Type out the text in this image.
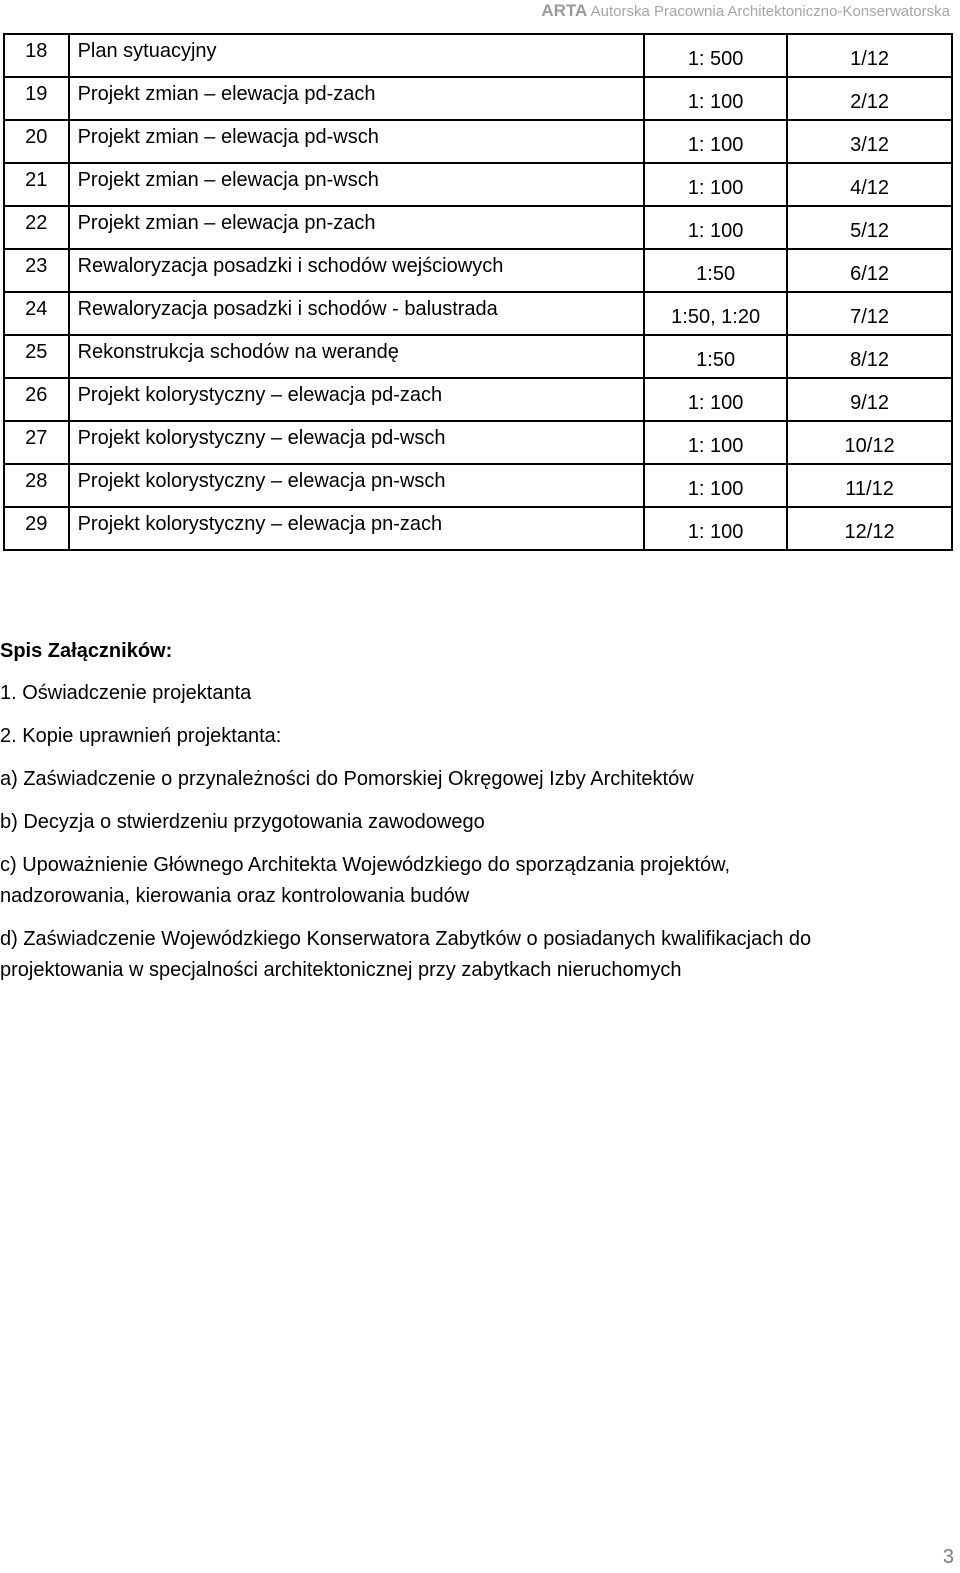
ARTA Autorska Pracownia Architektoniczno-Konserwatorska
18	Plan sytuacyjny	1: 500	1/12
19	Projekt zmian – elewacja pd-zach	1: 100	2/12
20	Projekt zmian – elewacja pd-wsch	1: 100	3/12
21	Projekt zmian – elewacja pn-wsch	1: 100	4/12
22	Projekt zmian – elewacja pn-zach	1: 100	5/12
23	Rewaloryzacja posadzki i schodów wejściowych	1:50	6/12
24	Rewaloryzacja posadzki i schodów - balustrada	1:50, 1:20	7/12
25	Rekonstrukcja schodów na werandę	1:50	8/12
26	Projekt kolorystyczny – elewacja pd-zach	1: 100	9/12
27	Projekt kolorystyczny – elewacja pd-wsch	1: 100	10/12
28	Projekt kolorystyczny – elewacja pn-wsch	1: 100	11/12
29	Projekt kolorystyczny – elewacja pn-zach	1: 100	12/12

Spis Załączników:

1. Oświadczenie projektanta

2. Kopie uprawnień projektanta:

a) Zaświadczenie o przynależności do Pomorskiej Okręgowej Izby Architektów

b) Decyzja o stwierdzeniu przygotowania zawodowego

c) Upoważnienie Głównego Architekta Wojewódzkiego do sporządzania projektów,

nadzorowania, kierowania oraz kontrolowania budów

d) Zaświadczenie Wojewódzkiego Konserwatora Zabytków o posiadanych kwalifikacjach do

projektowania w specjalności architektonicznej przy zabytkach nieruchomych

3
